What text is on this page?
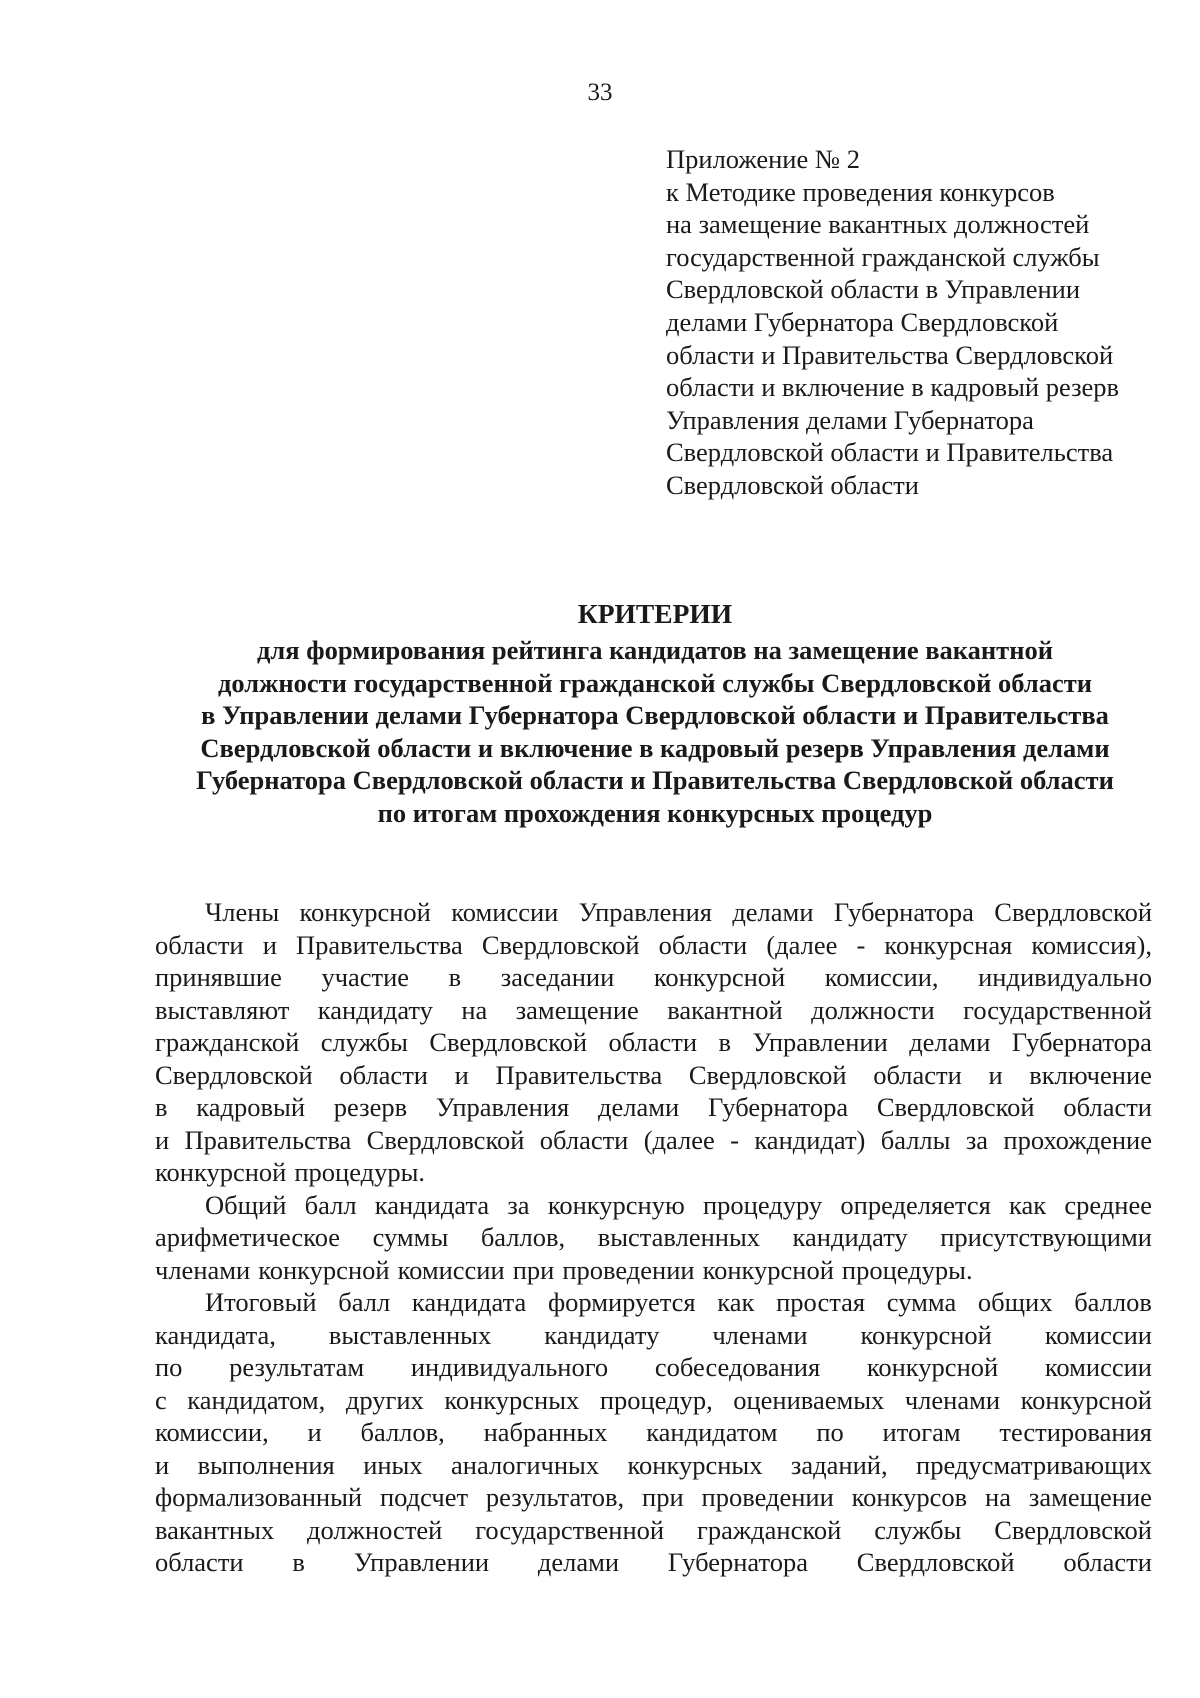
33
Приложение № 2
к Методике проведения конкурсов
на замещение вакантных должностей
государственной гражданской службы
Свердловской области в Управлении
делами Губернатора Свердловской
области и Правительства Свердловской
области и включение в кадровый резерв
Управления делами Губернатора
Свердловской области и Правительства
Свердловской области
КРИТЕРИИ
для формирования рейтинга кандидатов на замещение вакантной
должности государственной гражданской службы Свердловской области
в Управлении делами Губернатора Свердловской области и Правительства
Свердловской области и включение в кадровый резерв Управления делами
Губернатора Свердловской области и Правительства Свердловской области
по итогам прохождения конкурсных процедур
Члены конкурсной комиссии Управления делами Губернатора Свердловской
области и Правительства Свердловской области (далее - конкурсная комиссия),
принявшие участие в заседании конкурсной комиссии, индивидуально
выставляют кандидату на замещение вакантной должности государственной
гражданской службы Свердловской области в Управлении делами Губернатора
Свердловской области и Правительства Свердловской области и включение
в кадровый резерв Управления делами Губернатора Свердловской области
и Правительства Свердловской области (далее - кандидат) баллы за прохождение
конкурсной процедуры.
Общий балл кандидата за конкурсную процедуру определяется как среднее
арифметическое суммы баллов, выставленных кандидату присутствующими
членами конкурсной комиссии при проведении конкурсной процедуры.
Итоговый балл кандидата формируется как простая сумма общих баллов
кандидата, выставленных кандидату членами конкурсной комиссии
по результатам индивидуального собеседования конкурсной комиссии
с кандидатом, других конкурсных процедур, оцениваемых членами конкурсной
комиссии, и баллов, набранных кандидатом по итогам тестирования
и выполнения иных аналогичных конкурсных заданий, предусматривающих
формализованный подсчет результатов, при проведении конкурсов на замещение
вакантных должностей государственной гражданской службы Свердловской
области в Управлении делами Губернатора Свердловской области
